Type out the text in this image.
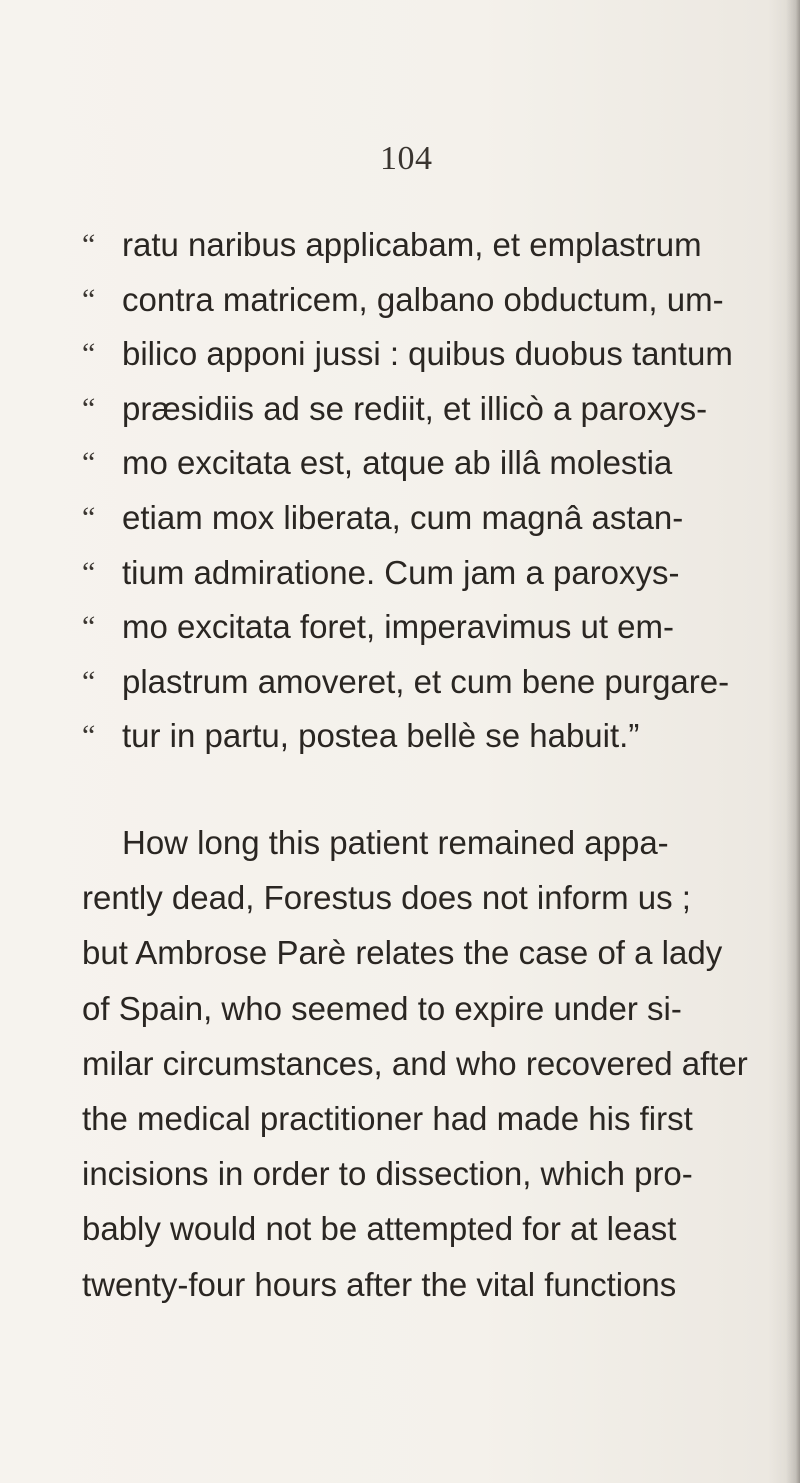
104
“ ratu naribus applicabam, et emplastrum
“ contra matricem, galbano obductum, um-
“ bilico apponi jussi : quibus duobus tantum
“ præsidiis ad se rediit, et illicò a paroxys-
“ mo excitata est, atque ab illâ molestia
“ etiam mox liberata, cum magnâ astan-
“ tium admiratione. Cum jam a paroxys-
“ mo excitata foret, imperavimus ut em-
“ plastrum amoveret, et cum bene purgare-
“ tur in partu, postea bellè se habuit.”
How long this patient remained appa-
rently dead, Forestus does not inform us ;
but Ambrose Parè relates the case of a lady
of Spain, who seemed to expire under si-
milar circumstances, and who recovered after
the medical practitioner had made his first
incisions in order to dissection, which pro-
bably would not be attempted for at least
twenty-four hours after the vital functions
